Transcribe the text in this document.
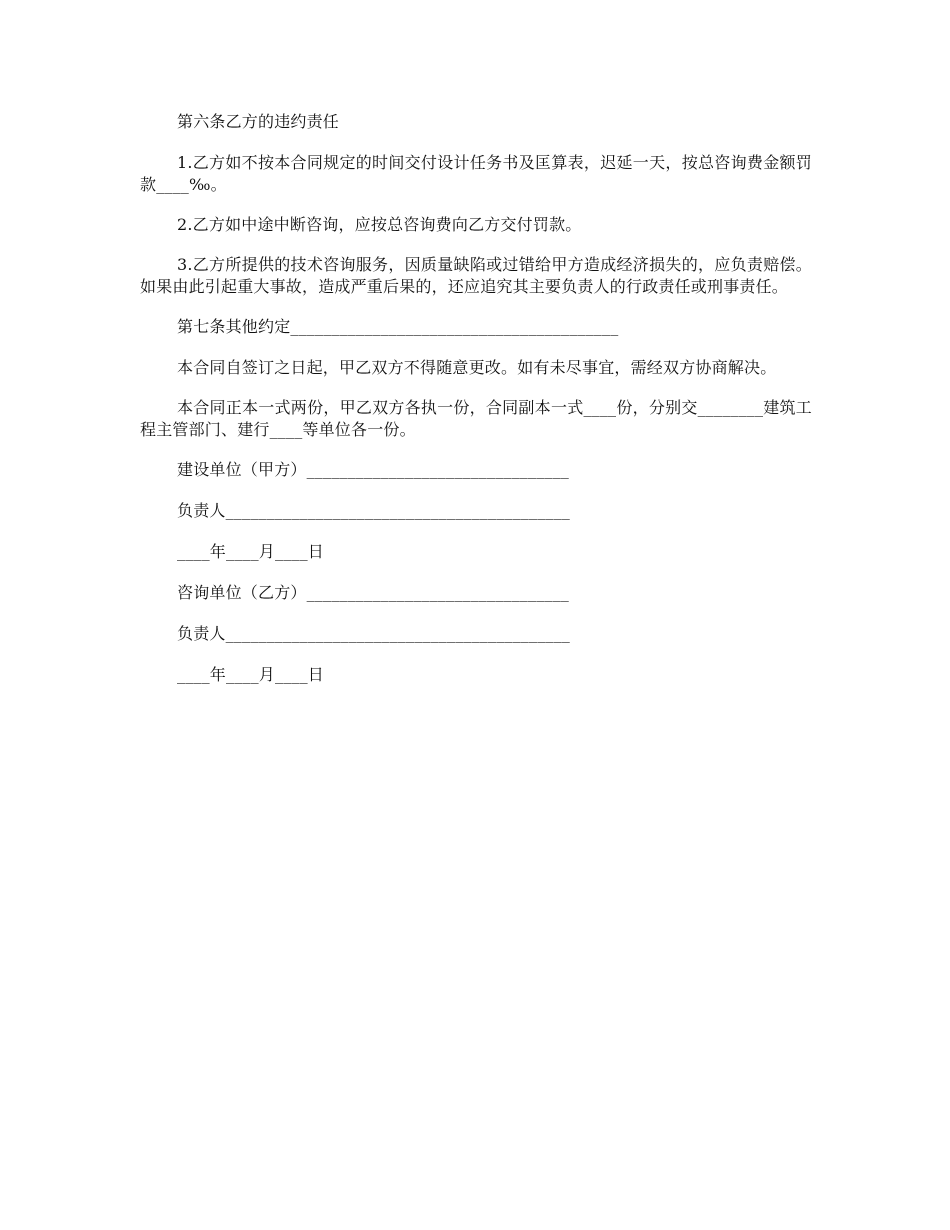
第六条乙方的违约责任

1.乙方如不按本合同规定的时间交付设计任务书及匡算表，迟延一天，按总咨询费金额罚款____‰。

2.乙方如中途中断咨询，应按总咨询费向乙方交付罚款。

3.乙方所提供的技术咨询服务，因质量缺陷或过错给甲方造成经济损失的，应负责赔偿。如果由此引起重大事故，造成严重后果的，还应追究其主要负责人的行政责任或刑事责任。

第七条其他约定________________________________________

本合同自签订之日起，甲乙双方不得随意更改。如有未尽事宜，需经双方协商解决。

本合同正本一式两份，甲乙双方各执一份，合同副本一式____份，分别交________建筑工程主管部门、建行____等单位各一份。

建设单位（甲方）________________________________

负责人__________________________________________

____年____月____日

咨询单位（乙方）________________________________

负责人__________________________________________

____年____月____日
